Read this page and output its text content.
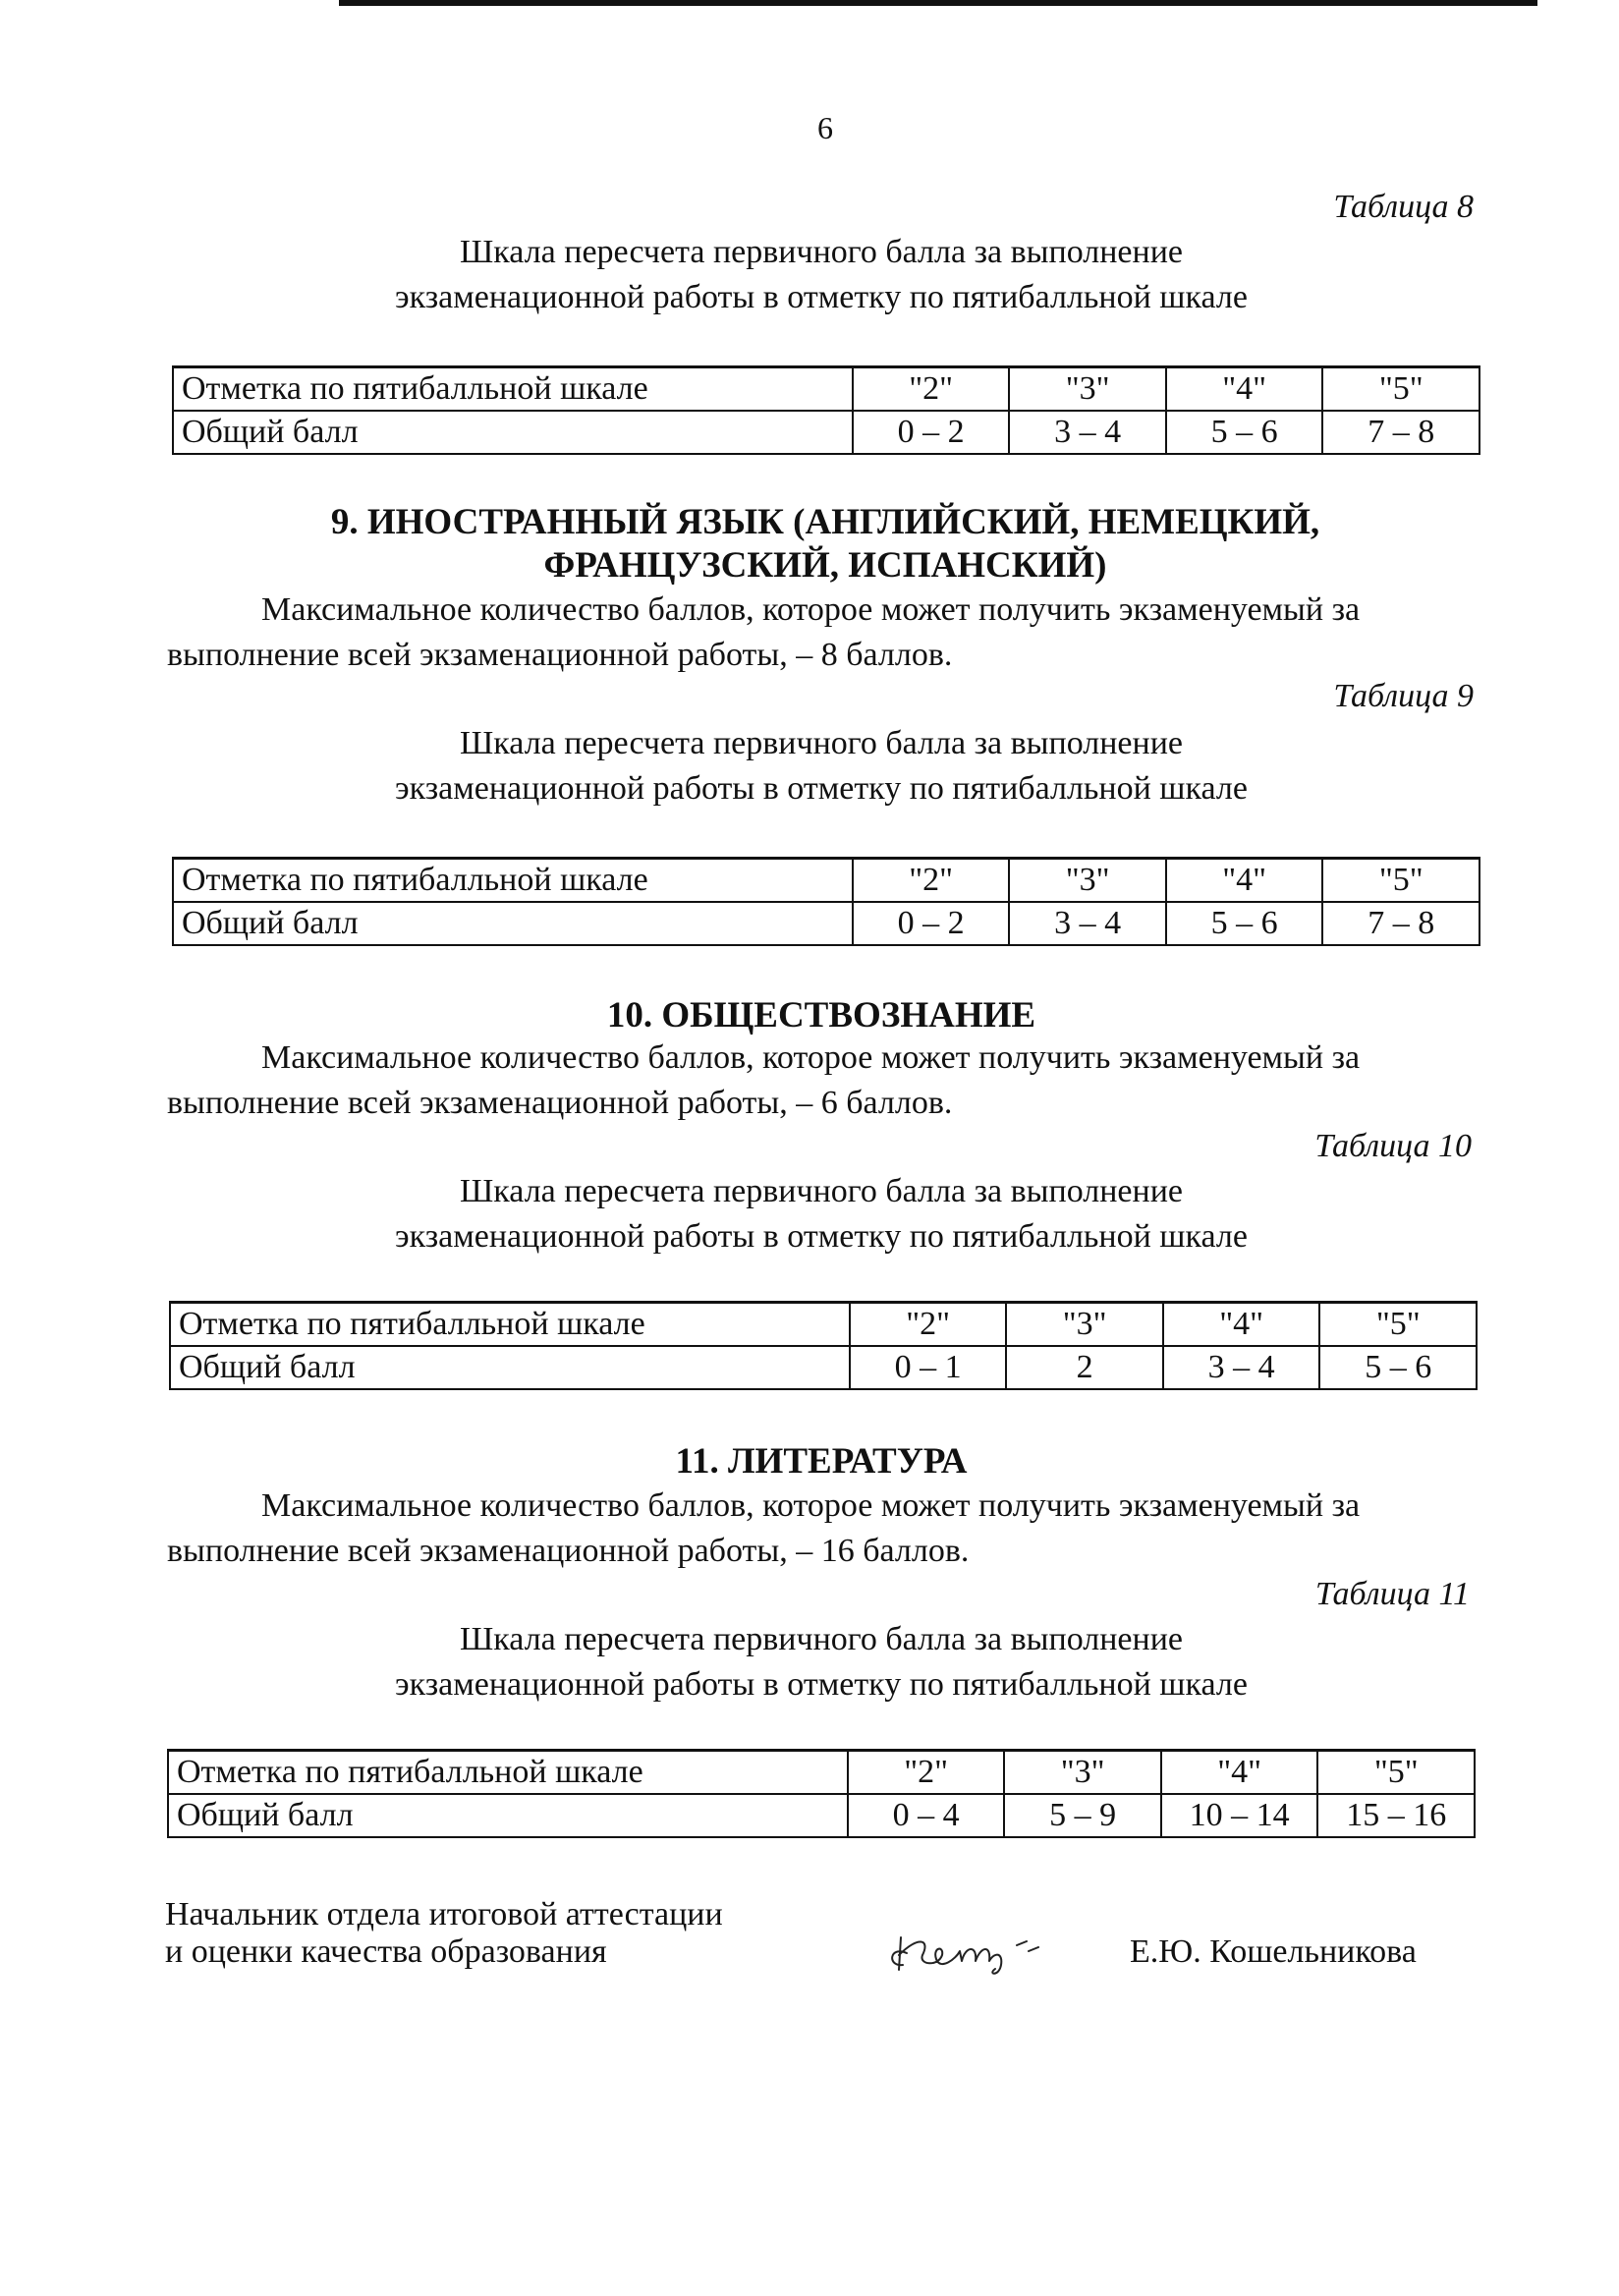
6
Таблица 8
Шкала пересчета первичного балла за выполнение
экзаменационной работы в отметку по пятибалльной шкале
Отметка по пятибалльной шкале	"2"	"3"	"4"	"5"
Общий балл	0 – 2	3 – 4	5 – 6	7 – 8
9. ИНОСТРАННЫЙ ЯЗЫК (АНГЛИЙСКИЙ, НЕМЕЦКИЙ, ФРАНЦУЗСКИЙ, ИСПАНСКИЙ)
Максимальное количество баллов, которое может получить экзаменуемый за выполнение всей экзаменационной работы, – 8 баллов.
Таблица 9
Шкала пересчета первичного балла за выполнение
экзаменационной работы в отметку по пятибалльной шкале
Отметка по пятибалльной шкале	"2"	"3"	"4"	"5"
Общий балл	0 – 2	3 – 4	5 – 6	7 – 8
10. ОБЩЕСТВОЗНАНИЕ
Максимальное количество баллов, которое может получить экзаменуемый за выполнение всей экзаменационной работы, – 6 баллов.
Таблица 10
Шкала пересчета первичного балла за выполнение
экзаменационной работы в отметку по пятибалльной шкале
Отметка по пятибалльной шкале	"2"	"3"	"4"	"5"
Общий балл	0 – 1	2	3 – 4	5 – 6
11. ЛИТЕРАТУРА
Максимальное количество баллов, которое может получить экзаменуемый за выполнение всей экзаменационной работы, – 16 баллов.
Таблица 11
Шкала пересчета первичного балла за выполнение
экзаменационной работы в отметку по пятибалльной шкале
Отметка по пятибалльной шкале	"2"	"3"	"4"	"5"
Общий балл	0 – 4	5 – 9	10 – 14	15 – 16
Начальник отдела итоговой аттестации
и оценки качества образования	Е.Ю. Кошельникова
